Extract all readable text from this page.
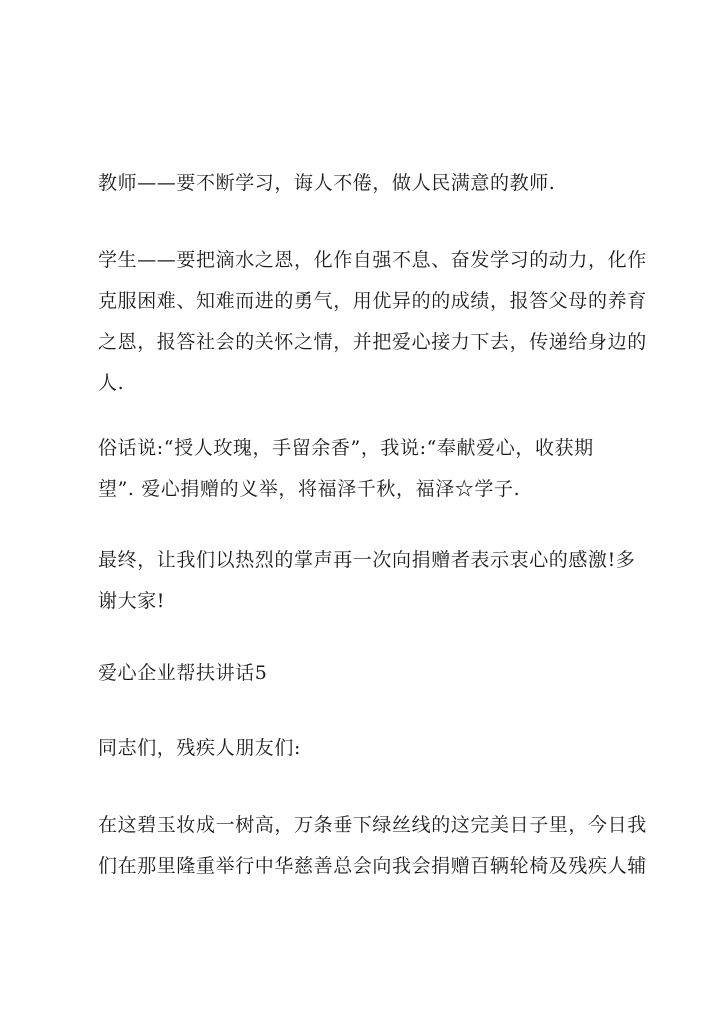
教师——要不断学习，诲人不倦，做人民满意的教师.

学生——要把滴水之恩，化作自强不息、奋发学习的动力，化作
克服困难、知难而进的勇气，用优异的的成绩，报答父母的养育
之恩，报答社会的关怀之情，并把爱心接力下去，传递给身边的
人.

俗话说:“授人玫瑰，手留余香”，我说:“奉献爱心，收获期
望”. 爱心捐赠的义举，将福泽千秋，福泽☆学子.

最终，让我们以热烈的掌声再一次向捐赠者表示衷心的感激!多
谢大家!

爱心企业帮扶讲话5

同志们，残疾人朋友们:

在这碧玉妆成一树高，万条垂下绿丝线的这完美日子里，今日我
们在那里隆重举行中华慈善总会向我会捐赠百辆轮椅及残疾人辅
